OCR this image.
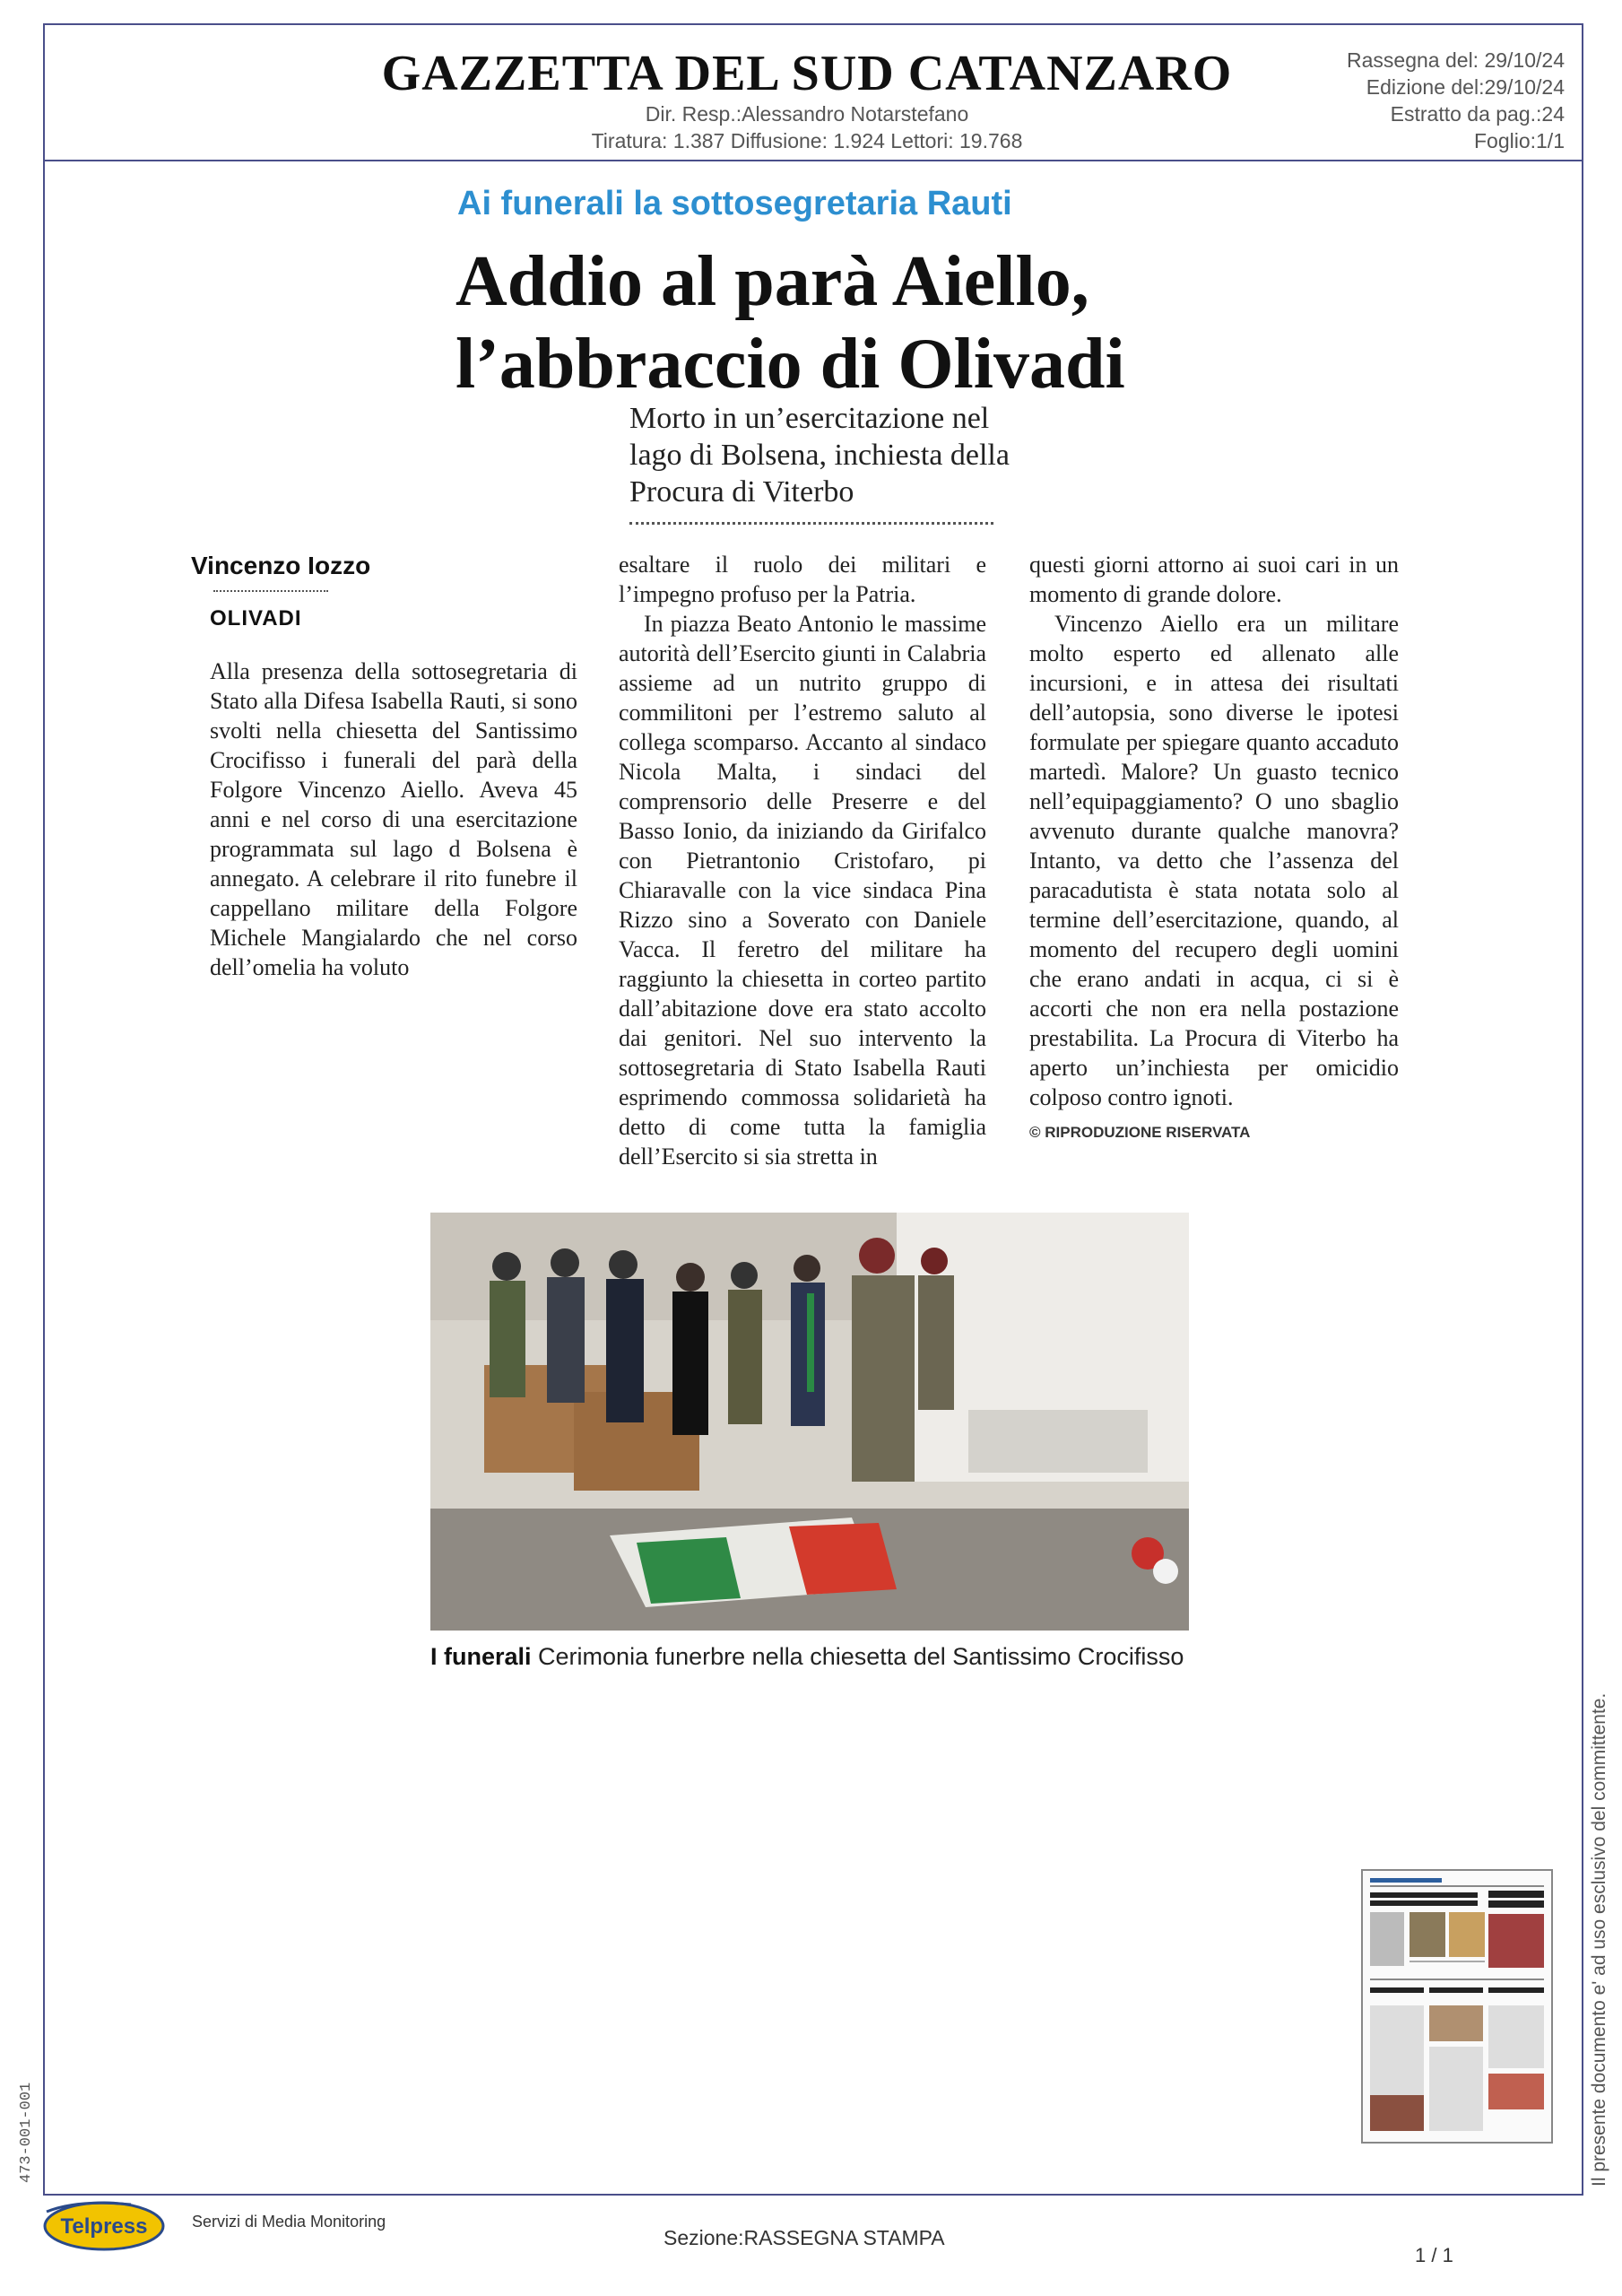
GAZZETTA DEL SUD CATANZARO
Dir. Resp.:Alessandro Notarstefano
Tiratura: 1.387 Diffusione: 1.924 Lettori: 19.768
Rassegna del: 29/10/24
Edizione del:29/10/24
Estratto da pag.:24
Foglio:1/1
Ai funerali la sottosegretaria Rauti
Addio al parà Aiello,
l’abbraccio di Olivadi
Morto in un’esercitazione nel lago di Bolsena, inchiesta della Procura di Viterbo
Vincenzo Iozzo
OLIVADI

Alla presenza della sottosegretaria di Stato alla Difesa Isabella Rauti, si sono svolti nella chiesetta del Santissimo Crocifisso i funerali del parà della Folgore Vincenzo Aiello. Aveva 45 anni e nel corso di una esercitazione programmata sul lago d Bolsena è annegato. A celebrare il rito funebre il cappellano militare della Folgore Michele Mangialardo che nel corso dell’omelia ha voluto

esaltare il ruolo dei militari e l’impegno profuso per la Patria.

In piazza Beato Antonio le massime autorità dell’Esercito giunti in Calabria assieme ad un nutrito gruppo di commilitoni per l’estremo saluto al collega scomparso. Accanto al sindaco Nicola Malta, i sindaci del comprensorio delle Preserre e del Basso Ionio, da iniziando da Girifalco con Pietrantonio Cristofaro, pi Chiaravalle con la vice sindaca Pina Rizzo sino a Soverato con Daniele Vacca. Il feretro del militare ha raggiunto la chiesetta in corteo partito dall’abitazione dove era stato accolto dai genitori. Nel suo intervento la sottosegretaria di Stato Isabella Rauti esprimendo commossa solidarietà ha detto di come tutta la famiglia dell’Esercito si sia stretta in

questi giorni attorno ai suoi cari in un momento di grande dolore.

Vincenzo Aiello era un militare molto esperto ed allenato alle incursioni, e in attesa dei risultati dell’autopsia, sono diverse le ipotesi formulate per spiegare quanto accaduto martedì. Malore? Un guasto tecnico nell’equipaggiamento? O uno sbaglio avvenuto durante qualche manovra? Intanto, va detto che l’assenza del paracadutista è stata notata solo al termine dell’esercitazione, quando, al momento del recupero degli uomini che erano andati in acqua, ci si è accorti che non era nella postazione prestabilita. La Procura di Viterbo ha aperto un’inchiesta per omicidio colposo contro ignoti.

© RIPRODUZIONE RISERVATA
I funerali Cerimonia funerbre nella chiesetta del Santissimo Crocifisso
Il presente documento e' ad uso esclusivo del committente.
473-001-001
Telpress	Servizi di Media Monitoring
Sezione:RASSEGNA STAMPA
1 / 1
